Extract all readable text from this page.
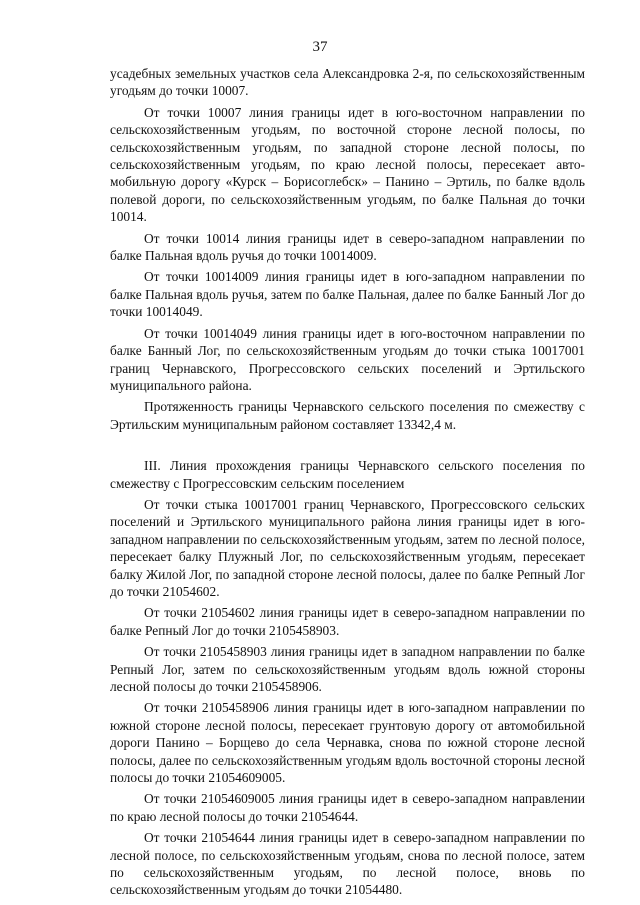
37

усадебных земельных участков села Александровка 2-я, по сельскохозяйственным угодьям до точки 10007.

От точки 10007 линия границы идет в юго-восточном направлении по сельскохозяйственным угодьям, по восточной стороне лесной полосы, по сельскохозяйственным угодьям, по западной стороне лесной полосы, по сельскохозяйственным угодьям, по краю лесной полосы, пересекает автомобильную дорогу «Курск – Борисоглебск» – Панино – Эртиль, по балке вдоль полевой дороги, по сельскохозяйственным угодьям, по балке Пальная до точки 10014.

От точки 10014 линия границы идет в северо-западном направлении по балке Пальная вдоль ручья до точки 10014009.

От точки 10014009 линия границы идет в юго-западном направлении по балке Пальная вдоль ручья, затем по балке Пальная, далее по балке Банный Лог до точки 10014049.

От точки 10014049 линия границы идет в юго-восточном направлении по балке Банный Лог, по сельскохозяйственным угодьям до точки стыка 10017001 границ Чернавского, Прогрессовского сельских поселений и Эртильского муниципального района.

Протяженность границы Чернавского сельского поселения по смежеству с Эртильским муниципальным районом составляет 13342,4 м.

III. Линия прохождения границы Чернавского сельского поселения по смежеству с Прогрессовским сельским поселением

От точки стыка 10017001 границ Чернавского, Прогрессовского сельских поселений и Эртильского муниципального района линия границы идет в юго-западном направлении по сельскохозяйственным угодьям, затем по лесной полосе, пересекает балку Плужный Лог, по сельскохозяйственным угодьям, пересекает балку Жилой Лог, по западной стороне лесной полосы, далее по балке Репный Лог до точки 21054602.

От точки 21054602 линия границы идет в северо-западном направлении по балке Репный Лог до точки 2105458903.

От точки 2105458903 линия границы идет в западном направлении по балке Репный Лог, затем по сельскохозяйственным угодьям вдоль южной стороны лесной полосы до точки 2105458906.

От точки 2105458906 линия границы идет в юго-западном направлении по южной стороне лесной полосы, пересекает грунтовую дорогу от автомобильной дороги Панино – Борщево до села Чернавка, снова по южной стороне лесной полосы, далее по сельскохозяйственным угодьям вдоль восточной стороны лесной полосы до точки 21054609005.

От точки 21054609005 линия границы идет в северо-западном направлении по краю лесной полосы до точки 21054644.

От точки 21054644 линия границы идет в северо-западном направлении по лесной полосе, по сельскохозяйственным угодьям, снова по лесной полосе, затем по сельскохозяйственным угодьям, по лесной полосе, вновь по сельскохозяйственным угодьям до точки 21054480.
